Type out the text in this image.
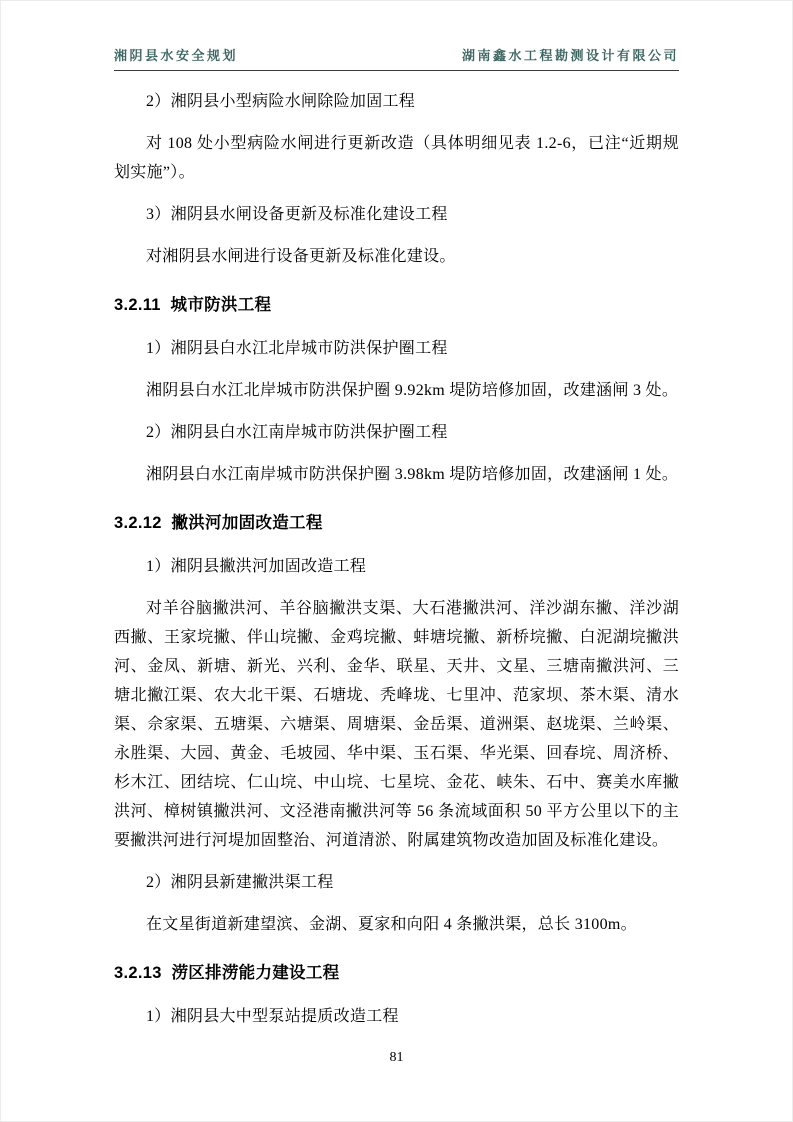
湘阴县水安全规划	湖南鑫水工程勘测设计有限公司

2）湘阴县小型病险水闸除险加固工程

对 108 处小型病险水闸进行更新改造（具体明细见表 1.2-6，已注“近期规划实施”）。

3）湘阴县水闸设备更新及标准化建设工程

对湘阴县水闸进行设备更新及标准化建设。

3.2.11  城市防洪工程

1）湘阴县白水江北岸城市防洪保护圈工程

湘阴县白水江北岸城市防洪保护圈 9.92km 堤防培修加固，改建涵闸 3 处。

2）湘阴县白水江南岸城市防洪保护圈工程

湘阴县白水江南岸城市防洪保护圈 3.98km 堤防培修加固，改建涵闸 1 处。

3.2.12  撇洪河加固改造工程

1）湘阴县撇洪河加固改造工程

对羊谷脑撇洪河、羊谷脑撇洪支渠、大石港撇洪河、洋沙湖东撇、洋沙湖西撇、王家垸撇、伴山垸撇、金鸡垸撇、蚌塘垸撇、新桥垸撇、白泥湖垸撇洪河、金凤、新塘、新光、兴利、金华、联星、天井、文星、三塘南撇洪河、三塘北撇江渠、农大北干渠、石塘垅、秃峰垅、七里冲、范家坝、茶木渠、清水渠、佘家渠、五塘渠、六塘渠、周塘渠、金岳渠、道洲渠、赵垅渠、兰岭渠、永胜渠、大园、黄金、毛坡园、华中渠、玉石渠、华光渠、回春垸、周济桥、杉木江、团结垸、仁山垸、中山垸、七星垸、金花、峡朱、石中、赛美水库撇洪河、樟树镇撇洪河、文泾港南撇洪河等 56 条流域面积 50 平方公里以下的主要撇洪河进行河堤加固整治、河道清淤、附属建筑物改造加固及标准化建设。

2）湘阴县新建撇洪渠工程

在文星街道新建望滨、金湖、夏家和向阳 4 条撇洪渠，总长 3100m。

3.2.13  涝区排涝能力建设工程

1）湘阴县大中型泵站提质改造工程

81
